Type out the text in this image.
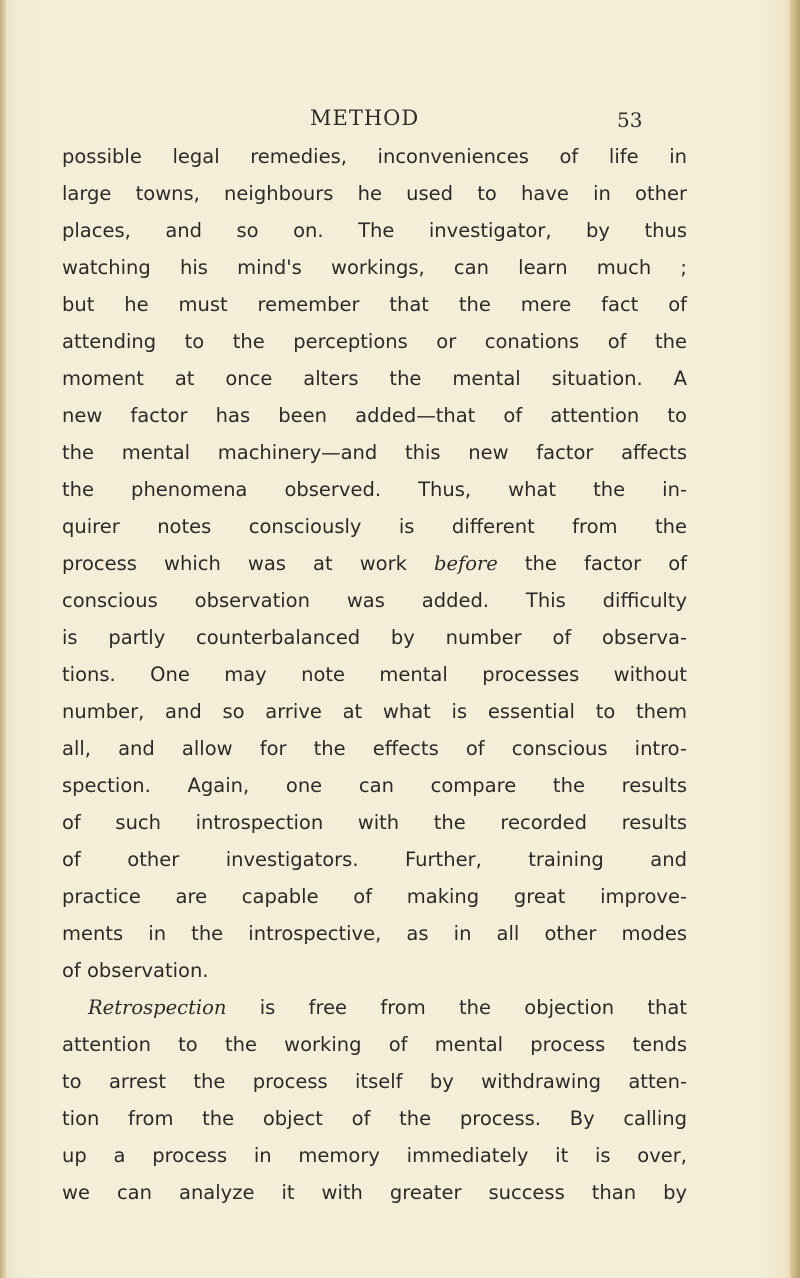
METHOD	53
possible legal remedies, inconveniences of life in
large towns, neighbours he used to have in other
places, and so on. The investigator, by thus
watching his mind's workings, can learn much ;
but he must remember that the mere fact of
attending to the perceptions or conations of the
moment at once alters the mental situation. A
new factor has been added—that of attention to
the mental machinery—and this new factor affects
the phenomena observed. Thus, what the in-
quirer notes consciously is different from the
process which was at work before the factor of
conscious observation was added. This difficulty
is partly counterbalanced by number of observa-
tions. One may note mental processes without
number, and so arrive at what is essential to them
all, and allow for the effects of conscious intro-
spection. Again, one can compare the results
of such introspection with the recorded results
of other investigators. Further, training and
practice are capable of making great improve-
ments in the introspective, as in all other modes
of observation.
Retrospection is free from the objection that
attention to the working of mental process tends
to arrest the process itself by withdrawing atten-
tion from the object of the process. By calling
up a process in memory immediately it is over,
we can analyze it with greater success than by
